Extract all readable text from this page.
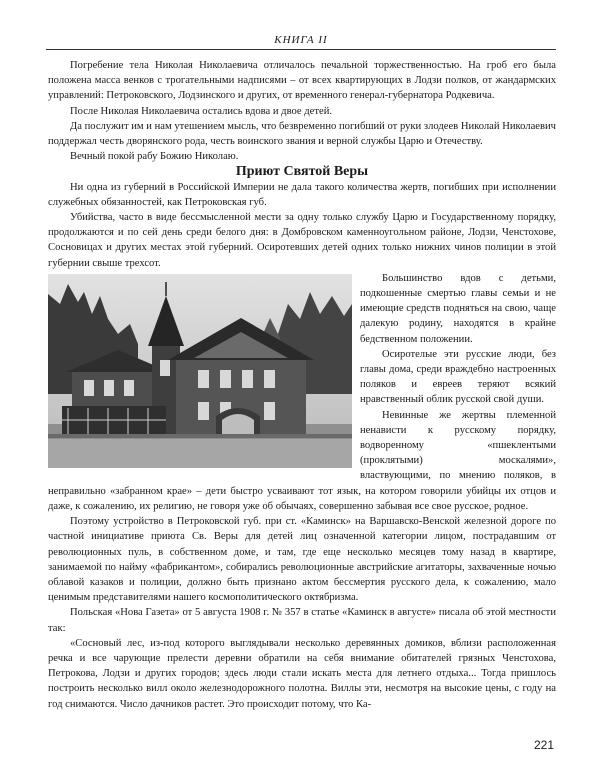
КНИГА II

Погребение тела Николая Николаевича отличалось печальной торжественностью. На гроб его была положена масса венков с трогательными надписями – от всех квартирующих в Лодзи полков, от жандармских управлений: Петроковского, Лодзинского и других, от временного генерал-губернатора Родкевича.

После Николая Николаевича остались вдова и двое детей.

Да послужит им и нам утешением мысль, что безвременно погибший от руки злодеев Николай Николаевич поддержал честь дворянского рода, честь воинского звания и верной службы Царю и Отечеству.

Вечный покой рабу Божию Николаю.

Приют Святой Веры

Ни одна из губерний в Российской Империи не дала такого количества жертв, погибших при исполнении служебных обязанностей, как Петроковская губ.

Убийства, часто в виде бессмысленной мести за одну только службу Царю и Государственному порядку, продолжаются и по сей день среди белого дня: в Домбровском каменноугольном районе, Лодзи, Ченстохове, Сосновицах и других местах этой губерний. Осиротевших детей одних только нижних чинов полиции в этой губернии свыше трехсот.

Большинство вдов с детьми, подкошенные смертью главы семьи и не имеющие средств подняться на свою, чаще далекую родину, находятся в крайне бедственном положении.

Осиротелые эти русские люди, без главы дома, среди враждебно настроенных поляков и евреев теряют всякий нравственный облик русской свой души.

Невинные же жертвы племенной ненависти к русскому порядку, водворенному «пшеклентыми (проклятыми) москалями», властвующими, по мнению поляков, в неправильно «забранном крае» – дети быстро усваивают тот язык, на котором говорили убийцы их отцов и даже, к сожалению, их религию, не говоря уже об обычаях, совершенно забывая все свое русское, родное.

Поэтому устройство в Петроковской губ. при ст. «Каминск» на Варшавско-Венской железной дороге по частной инициативе приюта Св. Веры для детей лиц означенной категории лицом, пострадавшим от революционных пуль, в собственном доме, и там, где еще несколько месяцев тому назад в квартире, занимаемой по найму «фабрикантом», собирались революционные австрийские агитаторы, захваченные ночью облавой казаков и полиции, должно быть признано актом бессмертия русского дела, к сожалению, мало ценимым представителями нашего космополитического октябризма.

Польская «Нова Газета» от 5 августа 1908 г. № 357 в статье «Каминск в августе» писала об этой местности так:

«Сосновый лес, из-под которого выглядывали несколько деревянных домиков, вблизи расположенная речка и все чарующие прелести деревни обратили на себя внимание обитателей грязных Ченстохова, Петрокова, Лодзи и других городов; здесь люди стали искать места для летнего отдыха... Тогда пришлось построить несколько вилл около железнодорожного полотна. Виллы эти, несмотря на высокие цены, с году на год снимаются. Число дачников растет. Это происходит потому, что Ка-

221
